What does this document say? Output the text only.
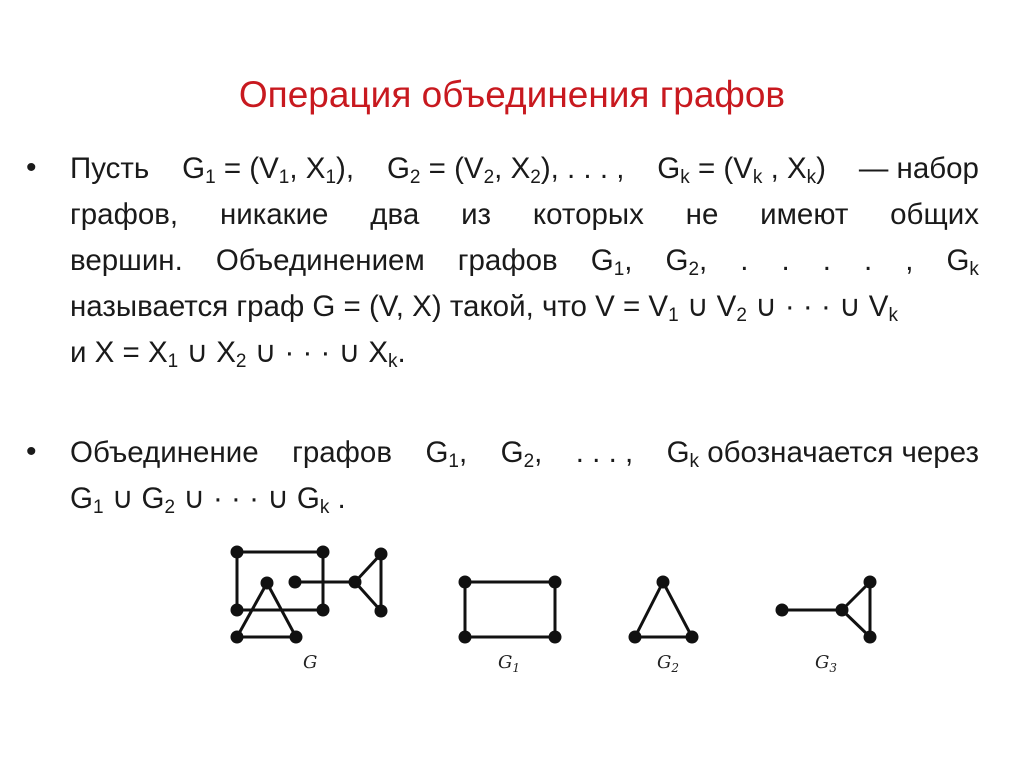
Операция объединения графов
• Пусть $G_1 = (V_1$, $X_1$), $G_2 = (V_2$, $X_2$), . . . , $G_k = (V_k$ , $X_k$) — набор
графов, никакие два из которых не имеют общих
вершин. Объединением графов $G_1$, $G_2$, . . . . , $G_k$
называется граф G = (V, X) такой, что $V = V_1$ ∪ $V_2$ ∪ · · · ∪ $V_k$
и $X = X_1$ ∪ $X_2$ ∪ · · · ∪ $X_k$.
• Объединение графов $G_1$, $G_2$, . . . , $G_k$ обозначается через
$G_1$ ∪ $G_2$ ∪ · · · ∪ $G_k$ .
G	$G_1$	$G_2$	$G_3$
